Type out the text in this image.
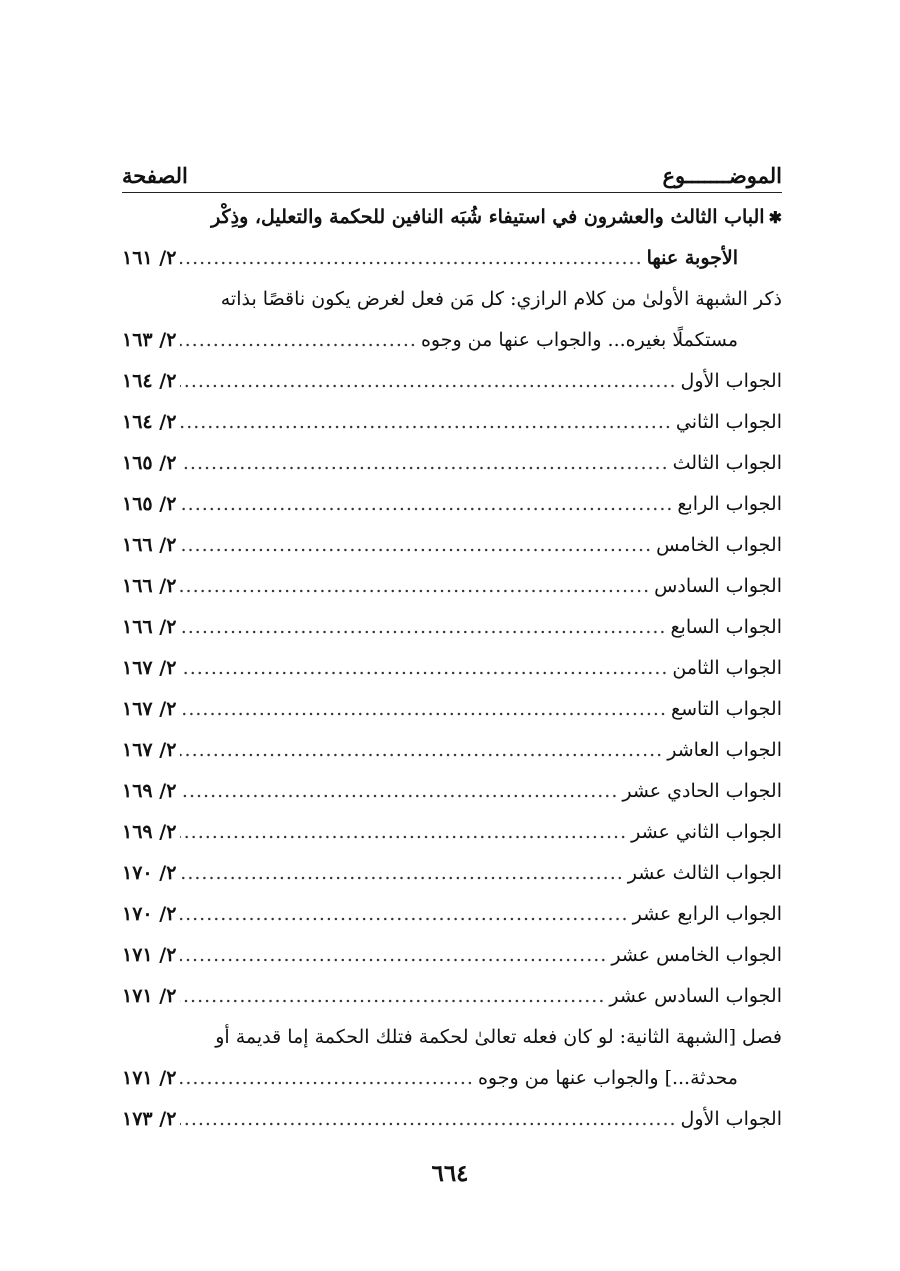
الموضـــــــوع
الصفحة
✱الباب الثالث والعشرون في استيفاء شُبَه النافين للحكمة والتعليل، وذِكْر
الأجوبة عنها
.....
٢/ ١٦١
ذكر الشبهة الأولىٰ من كلام الرازي: كل مَن فعل لغرض يكون ناقصًا بذاته
مستكملًا بغيره... والجواب عنها من وجوه
.....
٢/ ١٦٣
الجواب الأول
.....
٢/ ١٦٤
الجواب الثاني
.....
٢/ ١٦٤
الجواب الثالث
.....
٢/ ١٦٥
الجواب الرابع
.....
٢/ ١٦٥
الجواب الخامس
.....
٢/ ١٦٦
الجواب السادس
.....
٢/ ١٦٦
الجواب السابع
.....
٢/ ١٦٦
الجواب الثامن
.....
٢/ ١٦٧
الجواب التاسع
.....
٢/ ١٦٧
الجواب العاشر
.....
٢/ ١٦٧
الجواب الحادي عشر
.....
٢/ ١٦٩
الجواب الثاني عشر
.....
٢/ ١٦٩
الجواب الثالث عشر
.....
٢/ ١٧٠
الجواب الرابع عشر
.....
٢/ ١٧٠
الجواب الخامس عشر
.....
٢/ ١٧١
الجواب السادس عشر
.....
٢/ ١٧١
فصل [الشبهة الثانية: لو كان فعله تعالىٰ لحكمة فتلك الحكمة إما قديمة أو
محدثة...] والجواب عنها من وجوه
.....
٢/ ١٧١
الجواب الأول
.....
٢/ ١٧٣
٦٦٤
